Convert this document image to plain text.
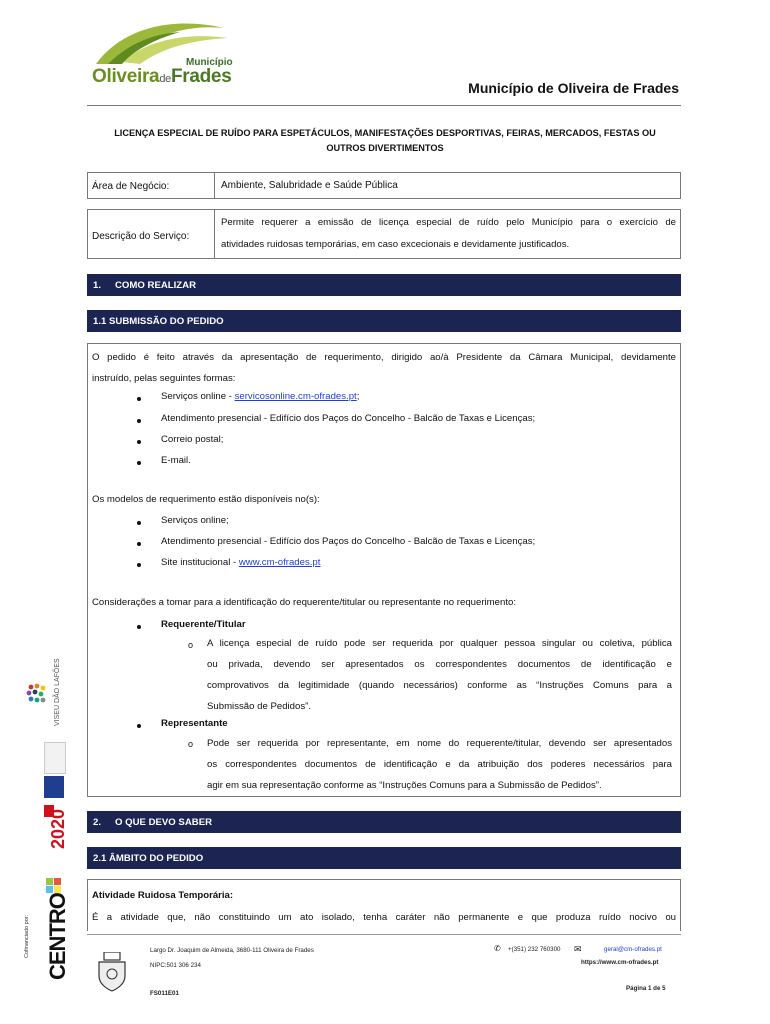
Município
OliveiradeFrades
Município de Oliveira de Frades
LICENÇA ESPECIAL DE RUÍDO PARA ESPETÁCULOS, MANIFESTAÇÕES DESPORTIVAS, FEIRAS, MERCADOS, FESTAS OU
OUTROS DIVERTIMENTOS
Área de Negócio:	Ambiente, Salubridade e Saúde Pública
Descrição do Serviço:
Permite requerer a emissão de licença especial de ruído pelo Município para o exercício de
atividades ruidosas temporárias, em caso excecionais e devidamente justificados.
1.	COMO REALIZAR
1.1 SUBMISSÃO DO PEDIDO
O pedido é feito através da apresentação de requerimento, dirigido ao/à Presidente da Câmara Municipal, devidamente
instruído, pelas seguintes formas:
Serviços online - servicosonline.cm-ofrades.pt;
Atendimento presencial - Edifício dos Paços do Concelho - Balcão de Taxas e Licenças;
Correio postal;
E-mail.
Os modelos de requerimento estão disponíveis no(s):
Serviços online;
Atendimento presencial - Edifício dos Paços do Concelho - Balcão de Taxas e Licenças;
Site institucional - www.cm-ofrades.pt
Considerações a tomar para a identificação do requerente/titular ou representante no requerimento:
Requerente/Titular
o A licença especial de ruído pode ser requerida por qualquer pessoa singular ou coletiva, pública
ou privada, devendo ser apresentados os correspondentes documentos de identificação e
comprovativos da legitimidade (quando necessários) conforme as “Instruções Comuns para a
Submissão de Pedidos”.
Representante
o Pode ser requerida por representante, em nome do requerente/titular, devendo ser apresentados
os correspondentes documentos de identificação e da atribuição dos poderes necessários para
agir em sua representação conforme as “Instruções Comuns para a Submissão de Pedidos”.
2.	O QUE DEVO SABER
2.1 ÂMBITO DO PEDIDO
Atividade Ruidosa Temporária:
É a atividade que, não constituindo um ato isolado, tenha caráter não permanente e que produza ruído nocivo ou
VISEU DÃO LAFÕES
2020
CENTRO
Cofinanciado por:	Largo Dr. Joaquim de Almeida, 3680-111 Oliveira de Frades
NIPC:501 306 234
FS011E01
✆ +(351) 232 760300 ✉	geral@cm-ofrades.pt
https://www.cm-ofrades.pt
Página 1 de 5
